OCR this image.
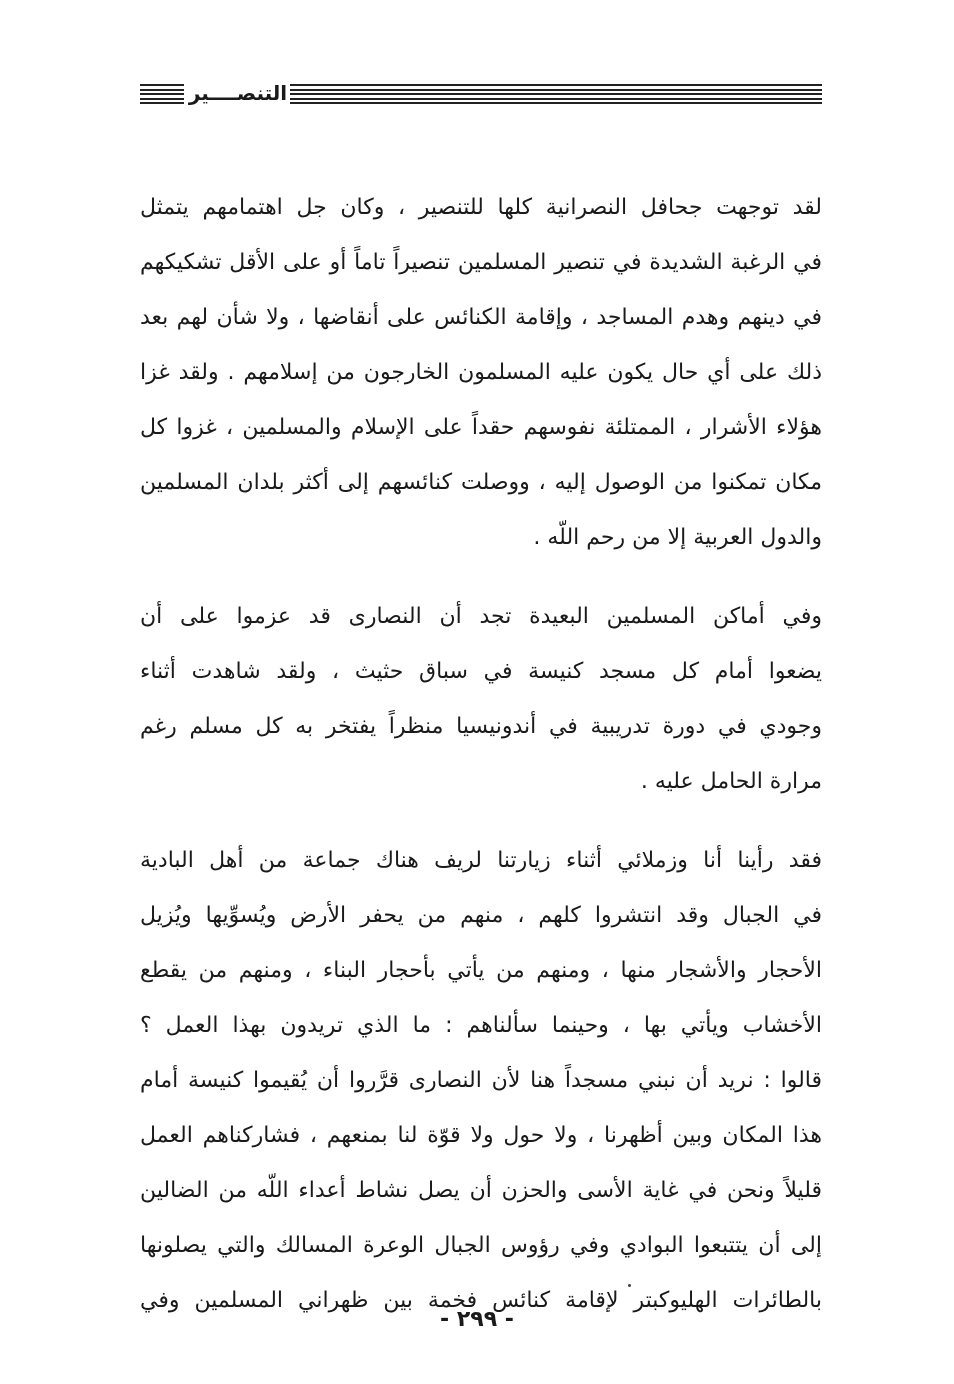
التنصــــير

لقد توجهت جحافل النصرانية كلها للتنصير ، وكان جل اهتمامهم يتمثل
في الرغبة الشديدة في تنصير المسلمين تنصيراً تاماً أو على الأقل تشكيكهم
في دينهم وهدم المساجد ، وإقامة الكنائس على أنقاضها ، ولا شأن لهم بعد
ذلك على أي حال يكون عليه المسلمون الخارجون من إسلامهم . ولقد غزا
هؤلاء الأشرار ، الممتلئة نفوسهم حقداً على الإسلام والمسلمين ، غزوا كل
مكان تمكنوا من الوصول إليه ، ووصلت كنائسهم إلى أكثر بلدان المسلمين
والدول العربية إلا من رحم اللّه .

وفي أماكن المسلمين البعيدة تجد أن النصارى قد عزموا على أن
يضعوا أمام كل مسجد كنيسة في سباق حثيث ، ولقد شاهدت أثناء
وجودي في دورة تدريبية في أندونيسيا منظراً يفتخر به كل مسلم رغم
مرارة الحامل عليه .

فقد رأينا أنا وزملائي أثناء زيارتنا لريف هناك جماعة من أهل البادية
في الجبال وقد انتشروا كلهم ، منهم من يحفر الأرض ويُسوِّيها ويُزيل
الأحجار والأشجار منها ، ومنهم من يأتي بأحجار البناء ، ومنهم من يقطع
الأخشاب ويأتي بها ، وحينما سألناهم : ما الذي تريدون بهذا العمل ؟
قالوا : نريد أن نبني مسجداً هنا لأن النصارى قرَّروا أن يُقيموا كنيسة أمام
هذا المكان وبين أظهرنا ، ولا حول ولا قوّة لنا بمنعهم ، فشاركناهم العمل
قليلاً ونحن في غاية الأسى والحزن أن يصل نشاط أعداء اللّه من الضالين
إلى أن يتتبعوا البوادي وفي رؤوس الجبال الوعرة المسالك والتي يصلونها
بالطائرات الهليوكبتر لإقامة كنائس فخمة بين ظهراني المسلمين وفي

- ٢٩٩ -
